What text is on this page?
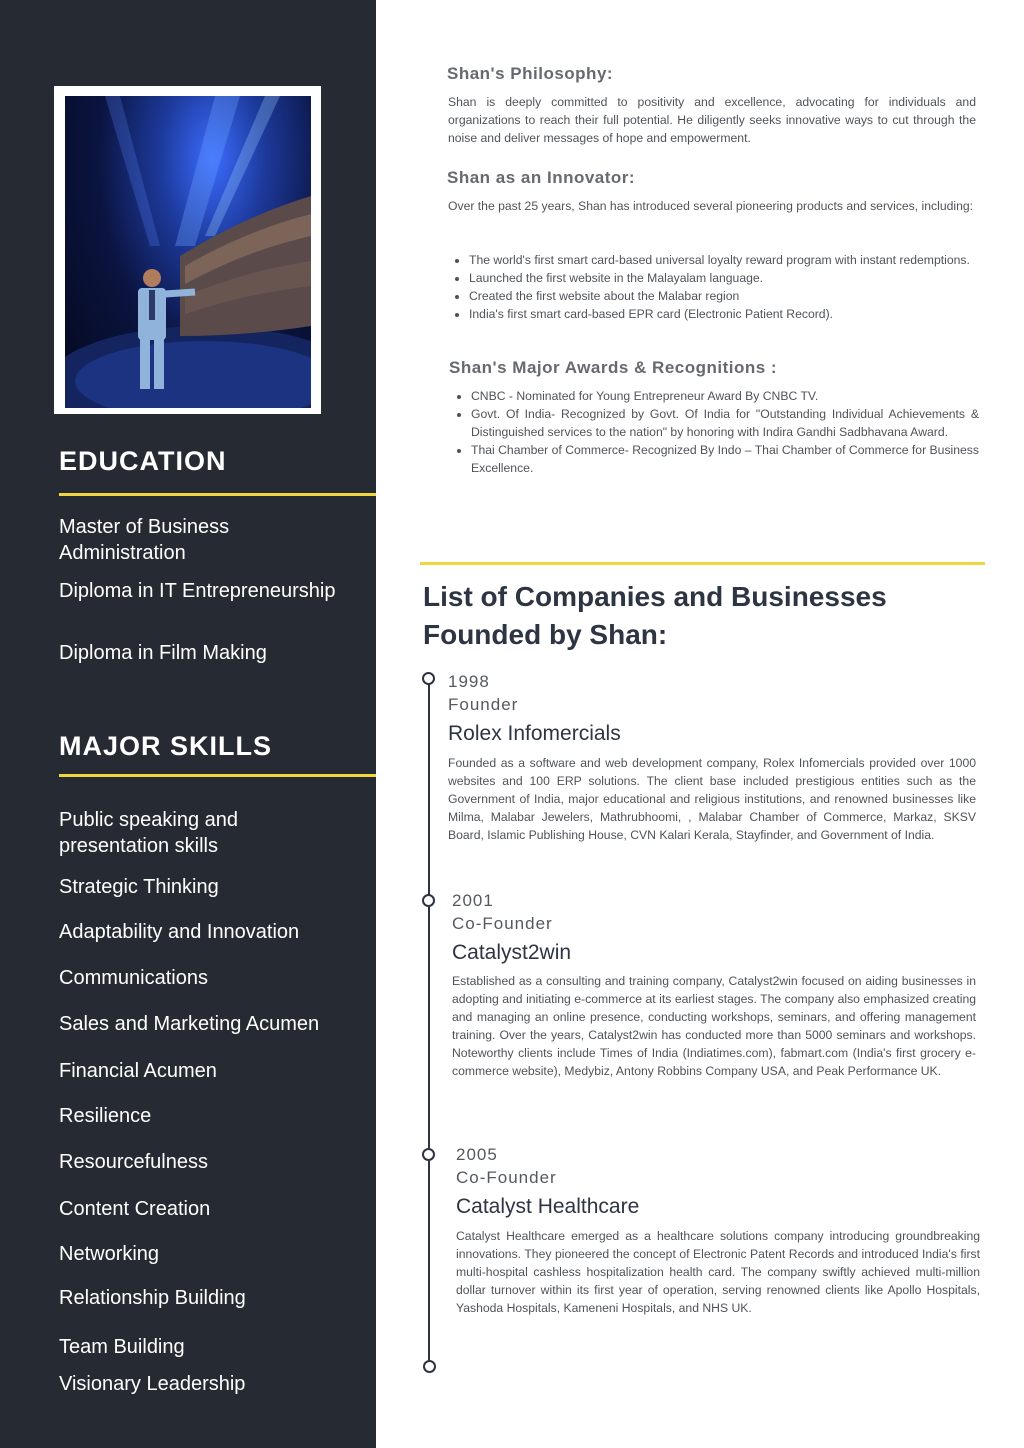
EDUCATION

Master of Business Administration

Diploma in IT Entrepreneurship

Diploma in Film Making

MAJOR SKILLS

Public speaking and presentation skills

Strategic Thinking

Adaptability and Innovation

Communications

Sales and Marketing Acumen

Financial Acumen

Resilience

Resourcefulness

Content Creation

Networking

Relationship Building

Team Building

Visionary Leadership

Shan's Philosophy:

Shan is deeply committed to positivity and excellence, advocating for individuals and organizations to reach their full potential. He diligently seeks innovative ways to cut through the noise and deliver messages of hope and empowerment.

Shan as an Innovator:

Over the past 25 years, Shan has introduced several pioneering products and services, including:

• The world's first smart card-based universal loyalty reward program with instant redemptions.
• Launched the first website in the Malayalam language.
• Created the first website about the Malabar region
• India's first smart card-based EPR card (Electronic Patient Record).
Shan's Major Awards & Recognitions :
• CNBC - Nominated for Young Entrepreneur Award By CNBC TV.
• Govt. Of India- Recognized by Govt. Of India for "Outstanding Individual Achievements & Distinguished services to the nation" by honoring with Indira Gandhi Sadbhavana Award.
• Thai Chamber of Commerce- Recognized By Indo – Thai Chamber of Commerce for Business Excellence.
List of Companies and Businesses Founded by Shan:

1998

Founder

Rolex Infomercials

Founded as a software and web development company, Rolex Infomercials provided over 1000 websites and 100 ERP solutions. The client base included prestigious entities such as the Government of India, major educational and religious institutions, and renowned businesses like Milma, Malabar Jewelers, Mathrubhoomi, , Malabar Chamber of Commerce, Markaz, SKSV Board, Islamic Publishing House, CVN Kalari Kerala, Stayfinder, and Government of India.

2001

Co-Founder

Catalyst2win

Established as a consulting and training company, Catalyst2win focused on aiding businesses in adopting and initiating e-commerce at its earliest stages. The company also emphasized creating and managing an online presence, conducting workshops, seminars, and offering management training. Over the years, Catalyst2win has conducted more than 5000 seminars and workshops. Noteworthy clients include Times of India (Indiatimes.com), fabmart.com (India's first grocery e-commerce website), Medybiz, Antony Robbins Company USA, and Peak Performance UK.

2005

Co-Founder

Catalyst Healthcare

Catalyst Healthcare emerged as a healthcare solutions company introducing groundbreaking innovations. They pioneered the concept of Electronic Patent Records and introduced India's first multi-hospital cashless hospitalization health card. The company swiftly achieved multi-million dollar turnover within its first year of operation, serving renowned clients like Apollo Hospitals, Yashoda Hospitals, Kameneni Hospitals, and NHS UK.
